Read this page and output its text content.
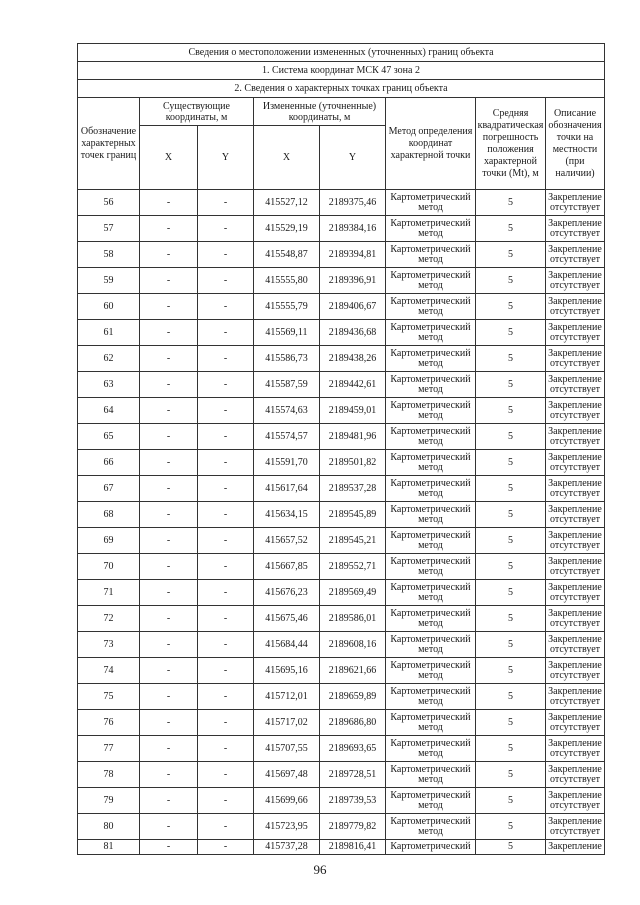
Сведения о местоположении измененных (уточненных) границ объекта							
1. Система координат МСК 47 зона 2							
2. Сведения о характерных точках границ объекта							
Обозначение характерных точек границ	Существующие координаты, м		Измененные (уточненные) координаты, м		Метод определения координат характерной точки	Средняя квадратическая погрешность положения характерной точки (Mt), м	Описание обозначения точки на местности (при наличии)
	X	Y	X	Y			
56	-	-	415527,12	2189375,46	Картометрический метод	5	Закрепление отсутствует
57	-	-	415529,19	2189384,16	Картометрический метод	5	Закрепление отсутствует
58	-	-	415548,87	2189394,81	Картометрический метод	5	Закрепление отсутствует
59	-	-	415555,80	2189396,91	Картометрический метод	5	Закрепление отсутствует
60	-	-	415555,79	2189406,67	Картометрический метод	5	Закрепление отсутствует
61	-	-	415569,11	2189436,68	Картометрический метод	5	Закрепление отсутствует
62	-	-	415586,73	2189438,26	Картометрический метод	5	Закрепление отсутствует
63	-	-	415587,59	2189442,61	Картометрический метод	5	Закрепление отсутствует
64	-	-	415574,63	2189459,01	Картометрический метод	5	Закрепление отсутствует
65	-	-	415574,57	2189481,96	Картометрический метод	5	Закрепление отсутствует
66	-	-	415591,70	2189501,82	Картометрический метод	5	Закрепление отсутствует
67	-	-	415617,64	2189537,28	Картометрический метод	5	Закрепление отсутствует
68	-	-	415634,15	2189545,89	Картометрический метод	5	Закрепление отсутствует
69	-	-	415657,52	2189545,21	Картометрический метод	5	Закрепление отсутствует
70	-	-	415667,85	2189552,71	Картометрический метод	5	Закрепление отсутствует
71	-	-	415676,23	2189569,49	Картометрический метод	5	Закрепление отсутствует
72	-	-	415675,46	2189586,01	Картометрический метод	5	Закрепление отсутствует
73	-	-	415684,44	2189608,16	Картометрический метод	5	Закрепление отсутствует
74	-	-	415695,16	2189621,66	Картометрический метод	5	Закрепление отсутствует
75	-	-	415712,01	2189659,89	Картометрический метод	5	Закрепление отсутствует
76	-	-	415717,02	2189686,80	Картометрический метод	5	Закрепление отсутствует
77	-	-	415707,55	2189693,65	Картометрический метод	5	Закрепление отсутствует
78	-	-	415697,48	2189728,51	Картометрический метод	5	Закрепление отсутствует
79	-	-	415699,66	2189739,53	Картометрический метод	5	Закрепление отсутствует
80	-	-	415723,95	2189779,82	Картометрический метод	5	Закрепление отсутствует
81	-	-	415737,28	2189816,41	Картометрический	5	Закрепление
96
